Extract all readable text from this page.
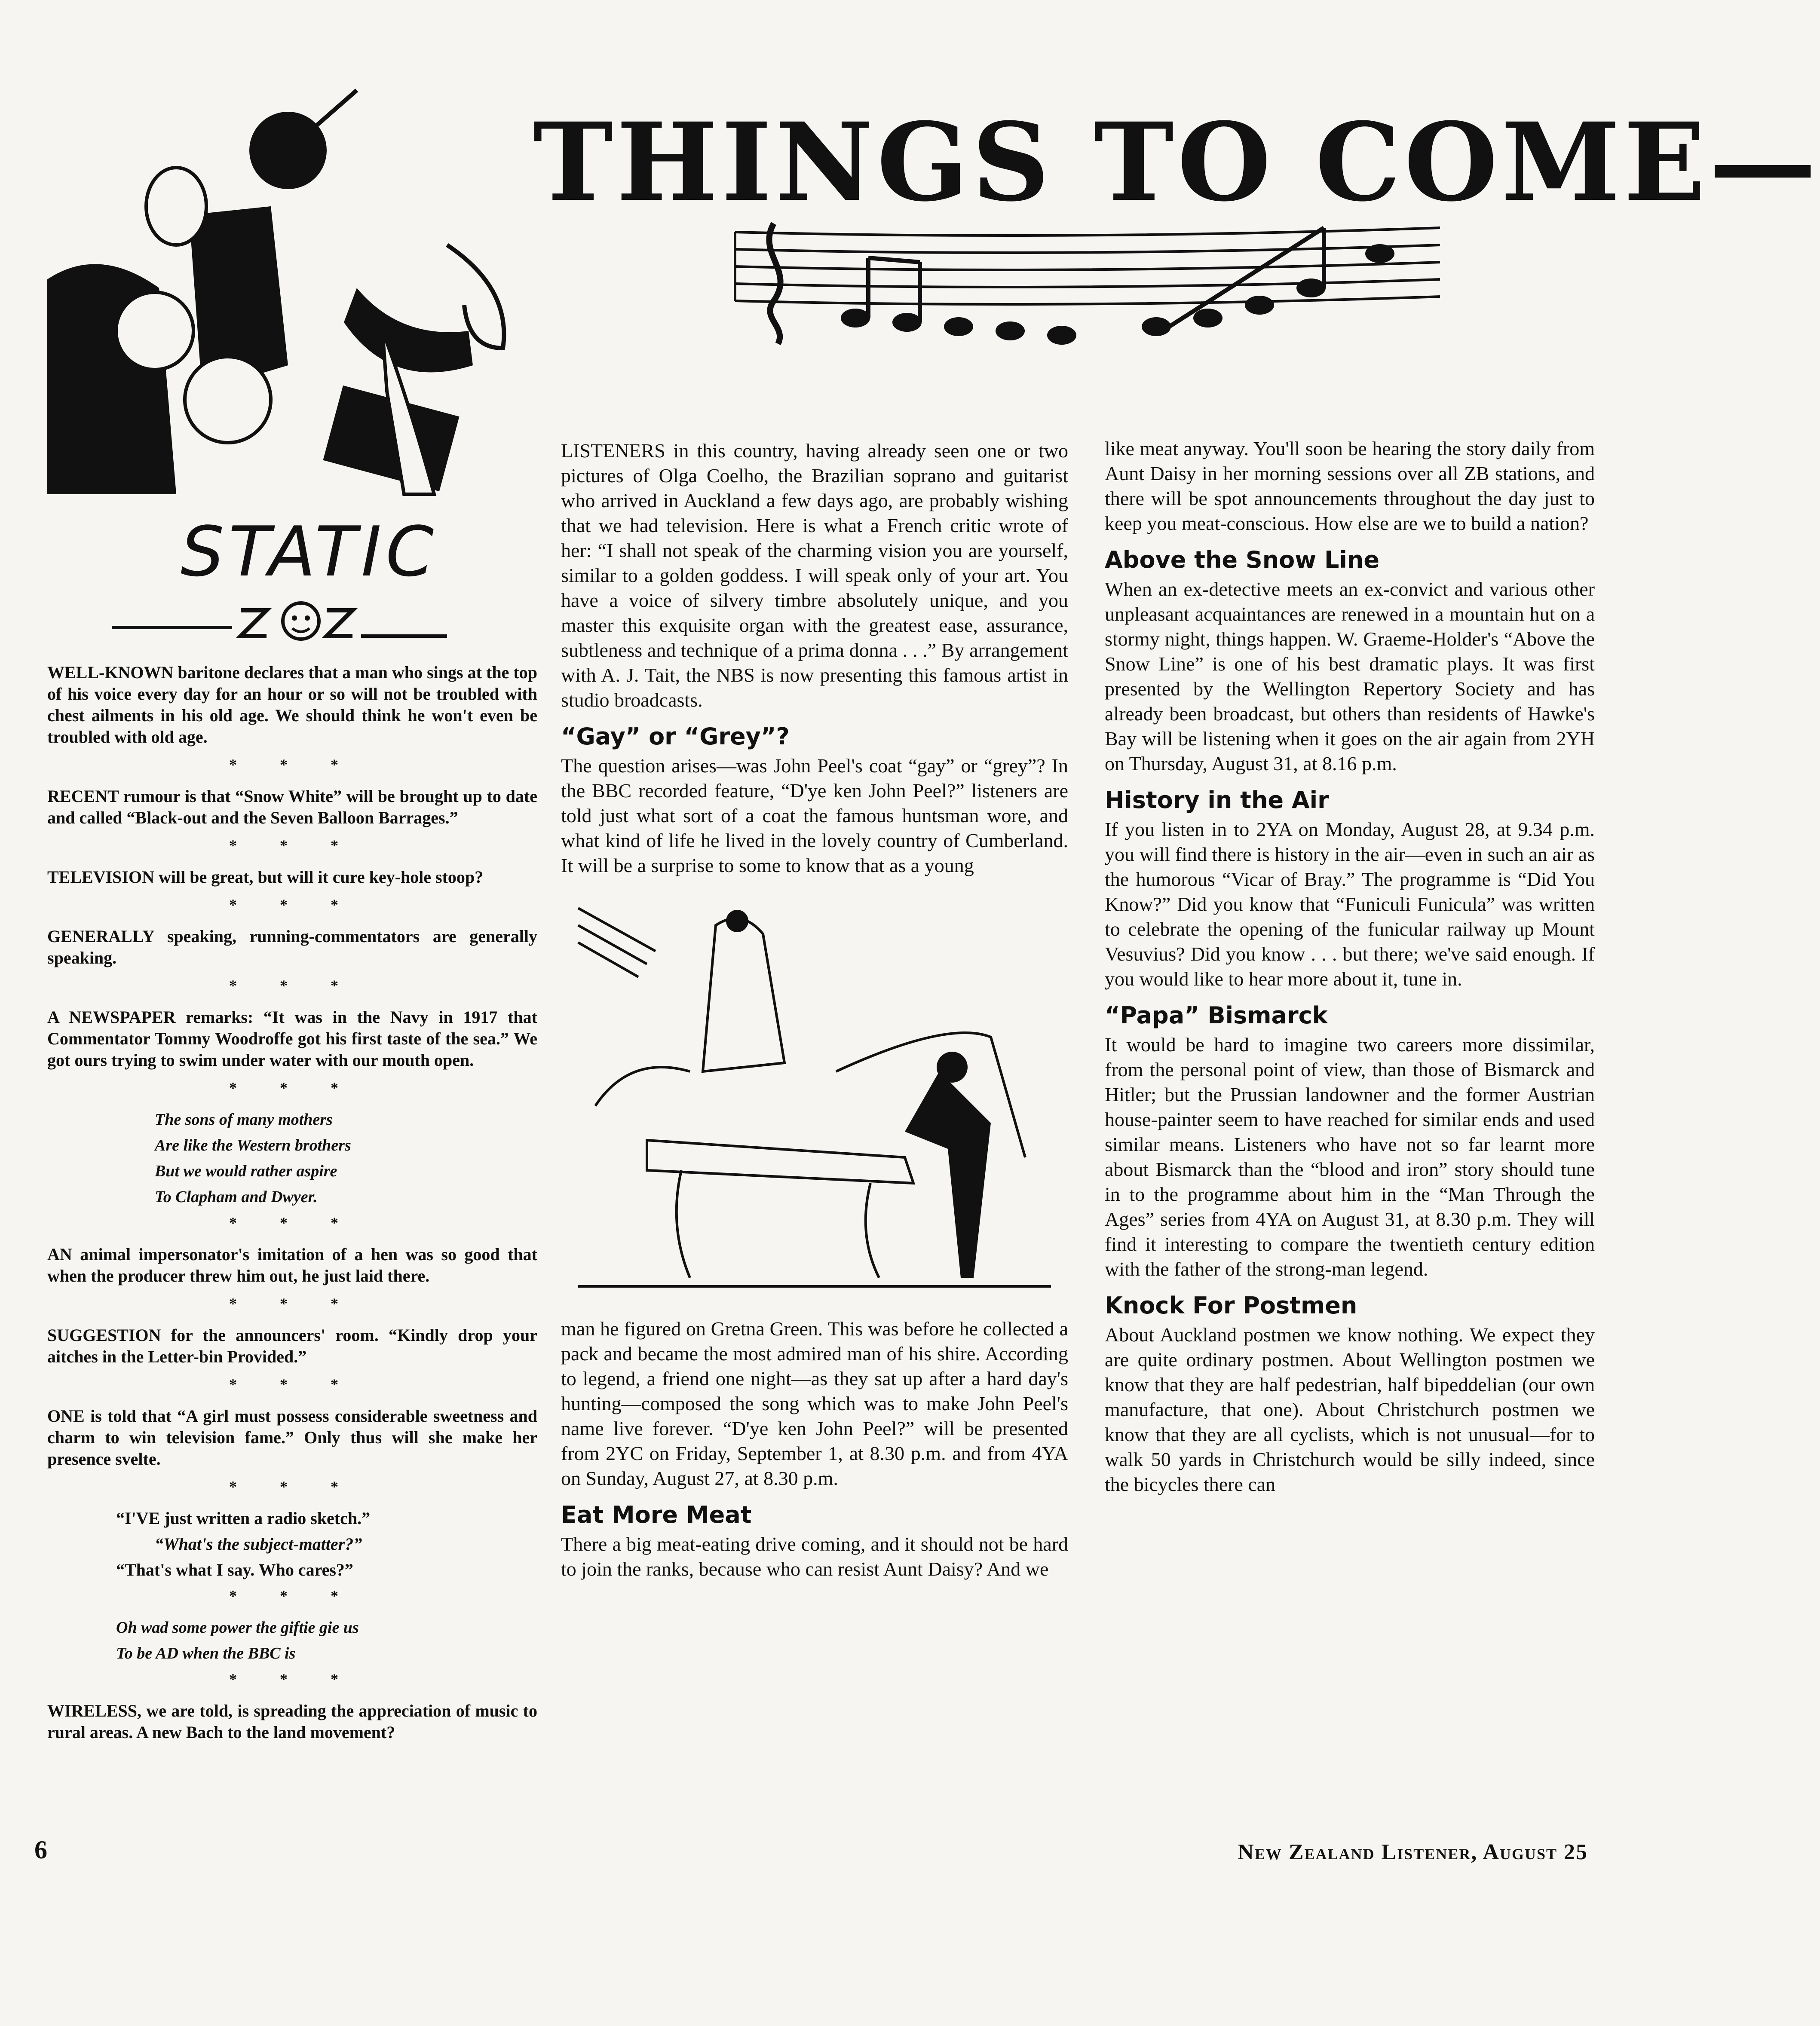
THINGS TO COME—
STATIC

WELL-KNOWN baritone declares that a man who sings at the top of his voice every day for an hour or so will not be troubled with chest ailments in his old age. We should think he won't even be troubled with old age.

***

RECENT rumour is that “Snow White” will be brought up to date and called “Black-out and the Seven Balloon Barrages.”

***

TELEVISION will be great, but will it cure key-hole stoop?

***

GENERALLY speaking, running-commentators are generally speaking.

***

A NEWSPAPER remarks: “It was in the Navy in 1917 that Commentator Tommy Woodroffe got his first taste of the sea.” We got ours trying to swim under water with our mouth open.

***
The sons of many mothers
Are like the Western brothers
But we would rather aspire
To Clapham and Dwyer.
***

AN animal impersonator's imitation of a hen was so good that when the producer threw him out, he just laid there.

***

SUGGESTION for the announcers' room. “Kindly drop your aitches in the Letter-bin Provided.”

***

ONE is told that “A girl must possess considerable sweetness and charm to win television fame.” Only thus will she make her presence svelte.

***
“I'VE just written a radio sketch.”
“What's the subject-matter?”
“That's what I say. Who cares?”
***
Oh wad some power the giftie gie us
To be AD when the BBC is
***

WIRELESS, we are told, is spreading the appreciation of music to rural areas. A new Bach to the land movement?

LISTENERS in this country, having already seen one or two pictures of Olga Coelho, the Brazilian soprano and guitarist who arrived in Auckland a few days ago, are probably wishing that we had television. Here is what a French critic wrote of her: “I shall not speak of the charming vision you are yourself, similar to a golden goddess. I will speak only of your art. You have a voice of silvery timbre absolutely unique, and you master this exquisite organ with the greatest ease, assurance, subtleness and technique of a prima donna . . .” By arrangement with A. J. Tait, the NBS is now presenting this famous artist in studio broadcasts.

“Gay” or “Grey”?

The question arises—was John Peel's coat “gay” or “grey”? In the BBC recorded feature, “D'ye ken John Peel?” listeners are told just what sort of a coat the famous huntsman wore, and what kind of life he lived in the lovely country of Cumberland. It will be a surprise to some to know that as a young

man he figured on Gretna Green. This was before he collected a pack and became the most admired man of his shire. According to legend, a friend one night—as they sat up after a hard day's hunting—composed the song which was to make John Peel's name live forever. “D'ye ken John Peel?” will be presented from 2YC on Friday, September 1, at 8.30 p.m. and from 4YA on Sunday, August 27, at 8.30 p.m.

Eat More Meat

There a big meat-eating drive coming, and it should not be hard to join the ranks, because who can resist Aunt Daisy? And we

like meat anyway. You'll soon be hearing the story daily from Aunt Daisy in her morning sessions over all ZB stations, and there will be spot announcements throughout the day just to keep you meat-conscious. How else are we to build a nation?

Above the Snow Line

When an ex-detective meets an ex-convict and various other unpleasant acquaintances are renewed in a mountain hut on a stormy night, things happen. W. Graeme-Holder's “Above the Snow Line” is one of his best dramatic plays. It was first presented by the Wellington Repertory Society and has already been broadcast, but others than residents of Hawke's Bay will be listening when it goes on the air again from 2YH on Thursday, August 31, at 8.16 p.m.

History in the Air

If you listen in to 2YA on Monday, August 28, at 9.34 p.m. you will find there is history in the air—even in such an air as the humorous “Vicar of Bray.” The programme is “Did You Know?” Did you know that “Funiculi Funicula” was written to celebrate the opening of the funicular railway up Mount Vesuvius? Did you know . . . but there; we've said enough. If you would like to hear more about it, tune in.

“Papa” Bismarck

It would be hard to imagine two careers more dissimilar, from the personal point of view, than those of Bismarck and Hitler; but the Prussian landowner and the former Austrian house-painter seem to have reached for similar ends and used similar means. Listeners who have not so far learnt more about Bismarck than the “blood and iron” story should tune in to the programme about him in the “Man Through the Ages” series from 4YA on August 31, at 8.30 p.m. They will find it interesting to compare the twentieth century edition with the father of the strong-man legend.

Knock For Postmen

About Auckland postmen we know nothing. We expect they are quite ordinary postmen. About Wellington postmen we know that they are half pedestrian, half bipeddelian (our own manufacture, that one). About Christchurch postmen we know that they are all cyclists, which is not unusual—for to walk 50 yards in Christchurch would be silly indeed, since the bicycles there can

6	New Zealand Listener, August 25
